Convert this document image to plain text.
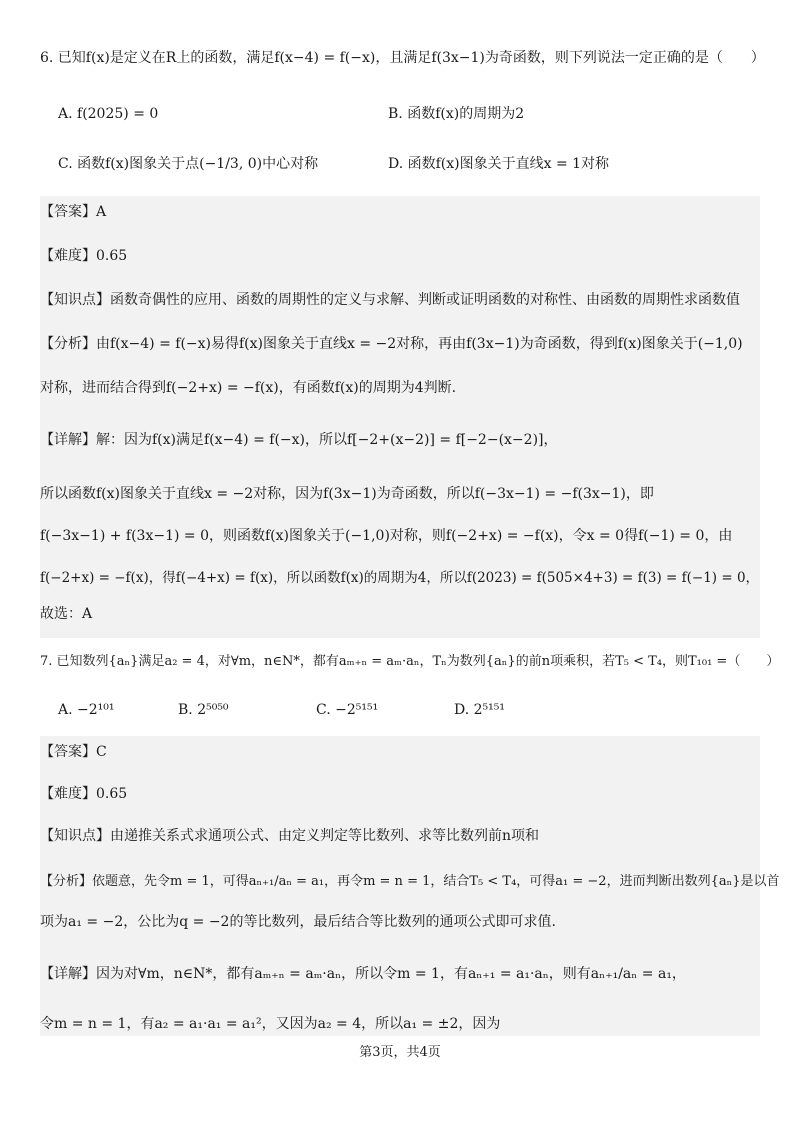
6. 已知f(x)是定义在R上的函数，满足f(x−4) = f(−x)，且满足f(3x−1)为奇函数，则下列说法一定正确的是（　　）
A. f(2025) = 0	B. 函数f(x)的周期为2
C. 函数f(x)图象关于点(−1/3, 0)中心对称	D. 函数f(x)图象关于直线x = 1对称
【答案】A
【难度】0.65
【知识点】函数奇偶性的应用、函数的周期性的定义与求解、判断或证明函数的对称性、由函数的周期性求函数值
【分析】由f(x−4) = f(−x)易得f(x)图象关于直线x = −2对称，再由f(3x−1)为奇函数，得到f(x)图象关于(−1,0)
对称，进而结合得到f(−2+x) = −f(x)，有函数f(x)的周期为4判断.
【详解】解：因为f(x)满足f(x−4) = f(−x)，所以f[−2+(x−2)] = f[−2−(x−2)]，
所以函数f(x)图象关于直线x = −2对称，因为f(3x−1)为奇函数，所以f(−3x−1) = −f(3x−1)，即
f(−3x−1) + f(3x−1) = 0，则函数f(x)图象关于(−1,0)对称，则f(−2+x) = −f(x)，令x = 0得f(−1) = 0，由
f(−2+x) = −f(x)，得f(−4+x) = f(x)，所以函数f(x)的周期为4，所以f(2023) = f(505×4+3) = f(3) = f(−1) = 0，
故选：A
7. 已知数列{aₙ}满足a₂ = 4，对∀m，n∈N*，都有aₘ₊ₙ = aₘ·aₙ，Tₙ为数列{aₙ}的前n项乘积，若T₅ < T₄，则T₁₀₁ =（　　）
A. −2¹⁰¹	B. 2⁵⁰⁵⁰	C. −2⁵¹⁵¹	D. 2⁵¹⁵¹
【答案】C
【难度】0.65
【知识点】由递推关系式求通项公式、由定义判定等比数列、求等比数列前n项和
【分析】依题意，先令m = 1，可得aₙ₊₁/aₙ = a₁，再令m = n = 1，结合T₅ < T₄，可得a₁ = −2，进而判断出数列{aₙ}是以首
项为a₁ = −2，公比为q = −2的等比数列，最后结合等比数列的通项公式即可求值.
【详解】因为对∀m，n∈N*，都有aₘ₊ₙ = aₘ·aₙ，所以令m = 1，有aₙ₊₁ = a₁·aₙ，则有aₙ₊₁/aₙ = a₁，
令m = n = 1，有a₂ = a₁·a₁ = a₁²，又因为a₂ = 4，所以a₁ = ±2，因为
第3页，共4页
